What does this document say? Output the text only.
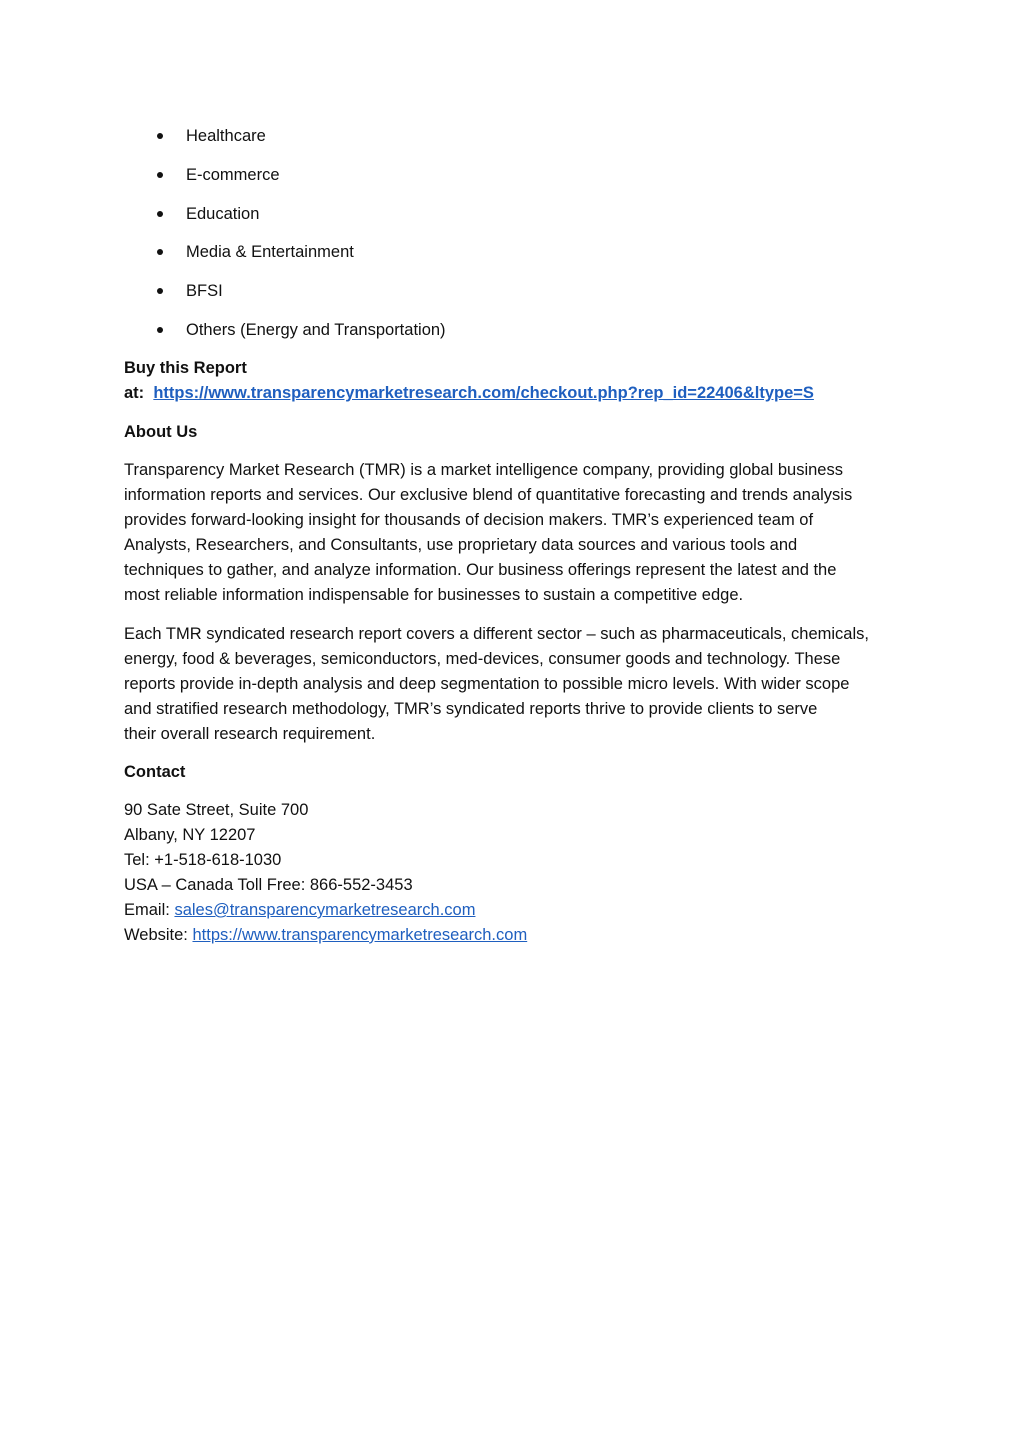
Healthcare
E-commerce
Education
Media & Entertainment
BFSI
Others (Energy and Transportation)
Buy this Report
at: https://www.transparencymarketresearch.com/checkout.php?rep_id=22406&ltype=S
About Us
Transparency Market Research (TMR) is a market intelligence company, providing global business
information reports and services. Our exclusive blend of quantitative forecasting and trends analysis
provides forward-looking insight for thousands of decision makers. TMR’s experienced team of
Analysts, Researchers, and Consultants, use proprietary data sources and various tools and
techniques to gather, and analyze information. Our business offerings represent the latest and the
most reliable information indispensable for businesses to sustain a competitive edge.
Each TMR syndicated research report covers a different sector – such as pharmaceuticals, chemicals,
energy, food & beverages, semiconductors, med-devices, consumer goods and technology. These
reports provide in-depth analysis and deep segmentation to possible micro levels. With wider scope
and stratified research methodology, TMR’s syndicated reports thrive to provide clients to serve
their overall research requirement.
Contact
90 Sate Street, Suite 700
Albany, NY 12207
Tel: +1-518-618-1030
USA – Canada Toll Free: 866-552-3453
Email: sales@transparencymarketresearch.com
Website: https://www.transparencymarketresearch.com
